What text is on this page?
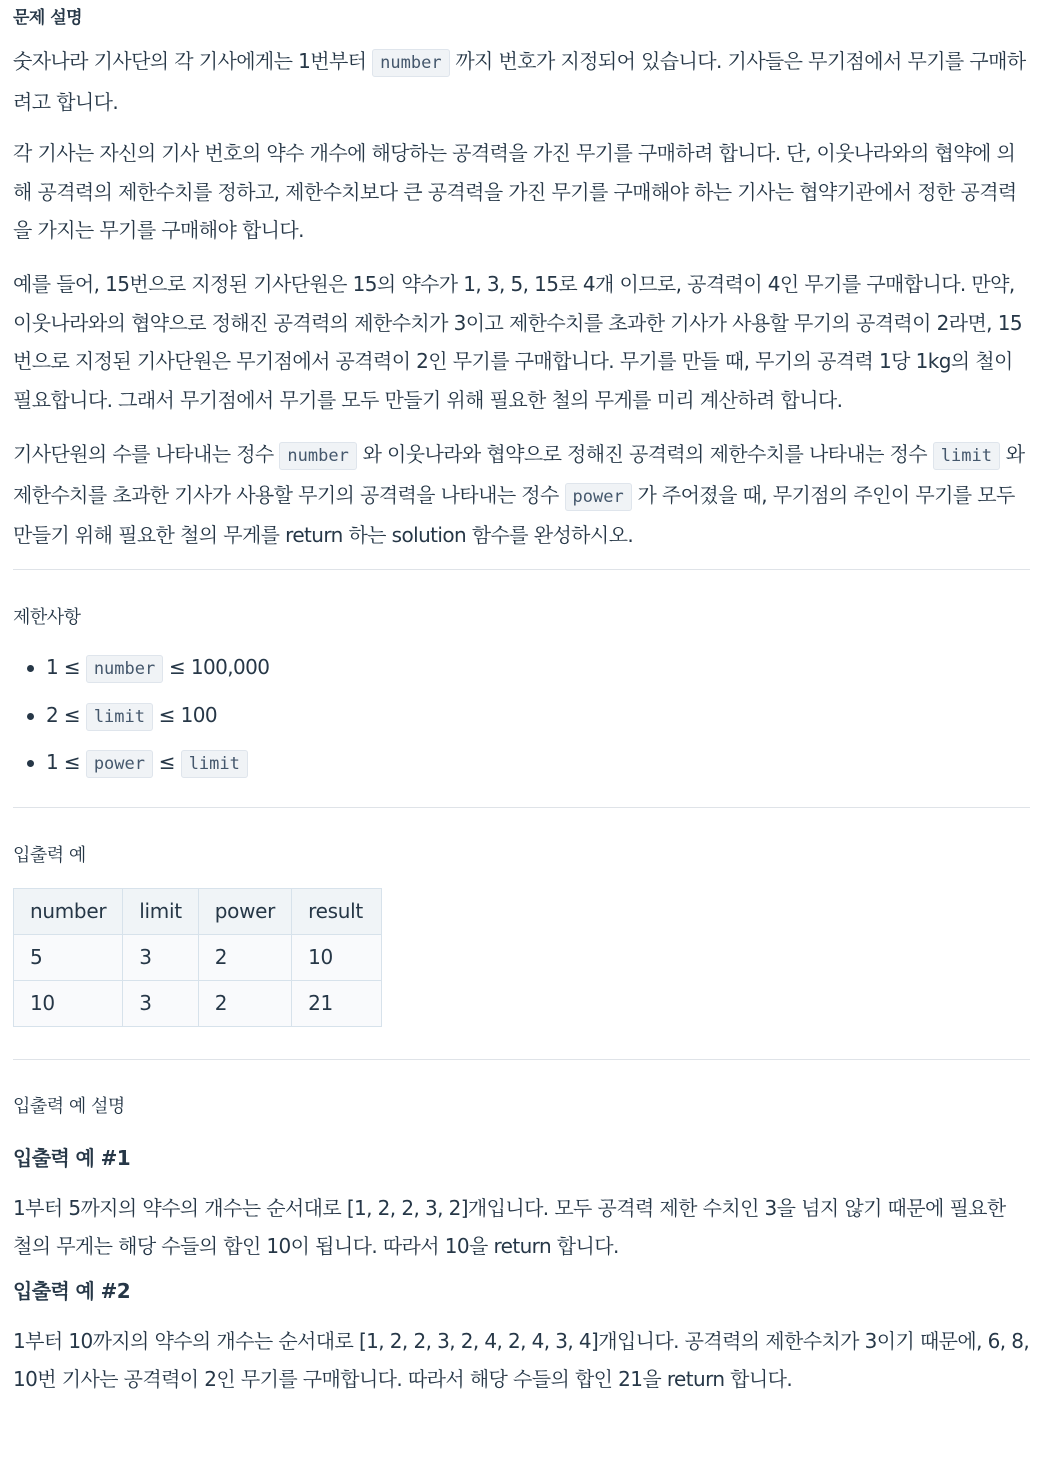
문제 설명

숫자나라 기사단의 각 기사에게는 1번부터 number 까지 번호가 지정되어 있습니다. 기사들은 무기점에서 무기를 구매하려고 합니다.

각 기사는 자신의 기사 번호의 약수 개수에 해당하는 공격력을 가진 무기를 구매하려 합니다. 단, 이웃나라와의 협약에 의해 공격력의 제한수치를 정하고, 제한수치보다 큰 공격력을 가진 무기를 구매해야 하는 기사는 협약기관에서 정한 공격력을 가지는 무기를 구매해야 합니다.

예를 들어, 15번으로 지정된 기사단원은 15의 약수가 1, 3, 5, 15로 4개 이므로, 공격력이 4인 무기를 구매합니다. 만약, 이웃나라와의 협약으로 정해진 공격력의 제한수치가 3이고 제한수치를 초과한 기사가 사용할 무기의 공격력이 2라면, 15번으로 지정된 기사단원은 무기점에서 공격력이 2인 무기를 구매합니다. 무기를 만들 때, 무기의 공격력 1당 1kg의 철이 필요합니다. 그래서 무기점에서 무기를 모두 만들기 위해 필요한 철의 무게를 미리 계산하려 합니다.

기사단원의 수를 나타내는 정수 number 와 이웃나라와 협약으로 정해진 공격력의 제한수치를 나타내는 정수 limit 와 제한수치를 초과한 기사가 사용할 무기의 공격력을 나타내는 정수 power 가 주어졌을 때, 무기점의 주인이 무기를 모두 만들기 위해 필요한 철의 무게를 return 하는 solution 함수를 완성하시오.

제한사항

1 ≤ number ≤ 100,000
2 ≤ limit ≤ 100
1 ≤ power ≤ limit

입출력 예

number	limit	power	result
5	3	2	10
10	3	2	21

입출력 예 설명

입출력 예 #1

1부터 5까지의 약수의 개수는 순서대로 [1, 2, 2, 3, 2]개입니다. 모두 공격력 제한 수치인 3을 넘지 않기 때문에 필요한 철의 무게는 해당 수들의 합인 10이 됩니다. 따라서 10을 return 합니다.

입출력 예 #2

1부터 10까지의 약수의 개수는 순서대로 [1, 2, 2, 3, 2, 4, 2, 4, 3, 4]개입니다. 공격력의 제한수치가 3이기 때문에, 6, 8, 10번 기사는 공격력이 2인 무기를 구매합니다. 따라서 해당 수들의 합인 21을 return 합니다.
